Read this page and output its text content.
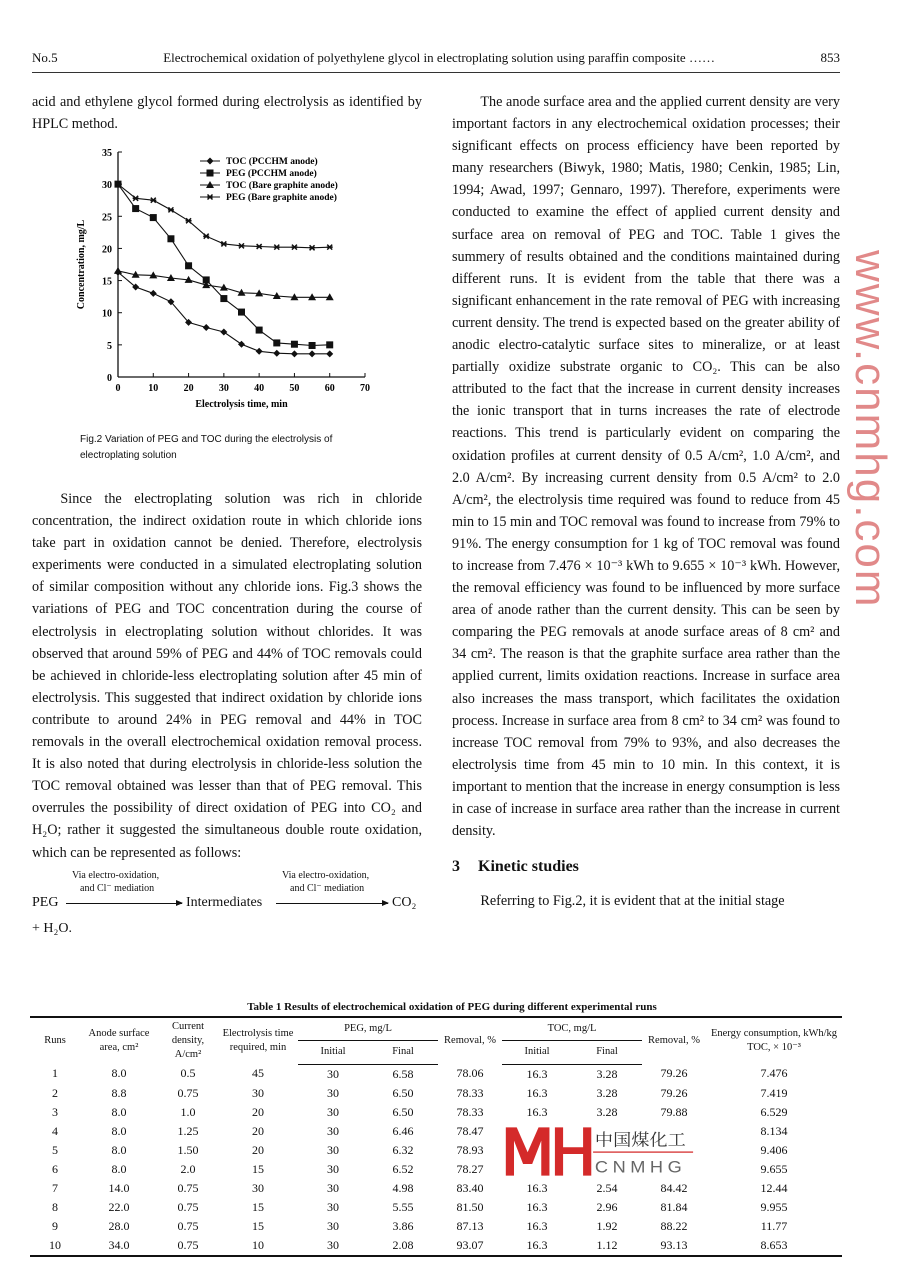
No.5	Electrochemical oxidation of polyethylene glycol in electroplating solution using paraffin composite ……	853

acid and ethylene glycol formed during electrolysis as identified by HPLC method.

0	10	20	30	40	50	60	70
0
5
10
15
20
25
30
35
Electrolysis time, min
Concentration, mg/L
TOC (PCCHM anode)
PEG (PCCHM anode)
TOC (Bare graphite anode)
PEG (Bare graphite anode)
Fig.2 Variation of PEG and TOC during the electrolysis of electroplating solution

Since the electroplating solution was rich in chloride concentration, the indirect oxidation route in which chloride ions take part in oxidation cannot be denied. Therefore, electrolysis experiments were conducted in a simulated electroplating solution of similar composition without any chloride ions. Fig.3 shows the variations of PEG and TOC concentration during the course of electrolysis in electroplating solution without chlorides. It was observed that around 59% of PEG and 44% of TOC removals could be achieved in chloride-less electroplating solution after 45 min of electrolysis. This suggested that indirect oxidation by chloride ions contribute to around 24% in PEG removal and 44% in TOC removals in the overall electrochemical oxidation removal process. It is also noted that during electrolysis in chloride-less solution the TOC removal obtained was lesser than that of PEG removal. This overrules the possibility of direct oxidation of PEG into CO₂ and H₂O; rather it suggested the simultaneous double route oxidation, which can be represented as follows:

Via electro-oxidation,
and Cl⁻ mediation
PEG	Intermediates
Via electro-oxidation,
and Cl⁻ mediation
CO₂
+ H₂O.

The anode surface area and the applied current density are very important factors in any electrochemical oxidation processes; their significant effects on process efficiency have been reported by many researchers (Biwyk, 1980; Matis, 1980; Cenkin, 1985; Lin, 1994; Awad, 1997; Gennaro, 1997). Therefore, experiments were conducted to examine the effect of applied current density and surface area on removal of PEG and TOC. Table 1 gives the summery of results obtained and the conditions maintained during different runs. It is evident from the table that there was a significant enhancement in the rate removal of PEG with increasing current density. The trend is expected based on the greater ability of anodic electro-catalytic surface sites to mineralize, or at least partially oxidize substrate organic to CO₂. This can be also attributed to the fact that the increase in current density increases the ionic transport that in turns increases the rate of electrode reactions. This trend is particularly evident on comparing the oxidation profiles at current density of 0.5 A/cm², 1.0 A/cm², and 2.0 A/cm². By increasing current density from 0.5 A/cm² to 2.0 A/cm², the electrolysis time required was found to reduce from 45 min to 15 min and TOC removal was found to increase from 79% to 91%. The energy consumption for 1 kg of TOC removal was found to increase from 7.476 × 10⁻³ kWh to 9.655 × 10⁻³ kWh. However, the removal efficiency was found to be influenced by more surface area of anode rather than the current density. This can be seen by comparing the PEG removals at anode surface areas of 8 cm² and 34 cm². The reason is that the graphite surface area rather than the applied current, limits oxidation reactions. Increase in surface area also increases the mass transport, which facilitates the oxidation process. Increase in surface area from 8 cm² to 34 cm² was found to increase TOC removal from 79% to 93%, and also decreases the electrolysis time from 45 min to 10 min. In this context, it is important to mention that the increase in energy consumption is less in case of increase in surface area rather than the increase in current density.

3 Kinetic studies

Referring to Fig.2, it is evident that at the initial stage

Table 1 Results of electrochemical oxidation of PEG during different experimental runs
Runs	Anode surface area, cm²	Current density, A/cm²	Electrolysis time required, min	PEG, mg/L		Removal, %	TOC, mg/L		Removal, %	Energy consumption, kWh/kg TOC, × 10⁻³
				Initial	Final		Initial	Final		
1	8.0	0.5	45	30	6.58	78.06	16.3	3.28	79.26	7.476
2	8.8	0.75	30	30	6.50	78.33	16.3	3.28	79.26	7.419
3	8.0	1.0	20	30	6.50	78.33	16.3	3.28	79.88	6.529
4	8.0	1.25	20	30	6.46	78.47				8.134
5	8.0	1.50	20	30	6.32	78.93				9.406
6	8.0	2.0	15	30	6.52	78.27				9.655
7	14.0	0.75	30	30	4.98	83.40	16.3	2.54	84.42	12.44
8	22.0	0.75	15	30	5.55	81.50	16.3	2.96	81.84	9.955
9	28.0	0.75	15	30	3.86	87.13	16.3	1.92	88.22	11.77
10	34.0	0.75	10	30	2.08	93.07	16.3	1.12	93.13	8.653
中国煤化工
CNMHG
www.cnmhg.com
